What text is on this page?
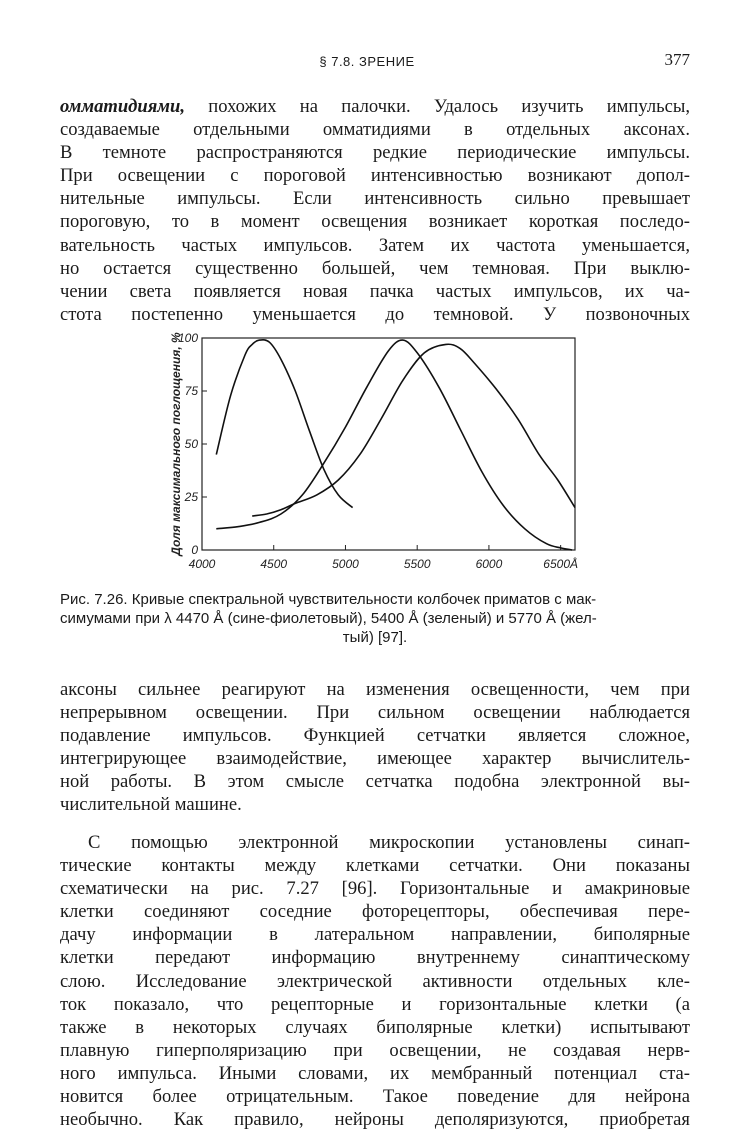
§ 7.8. ЗРЕНИЕ	377

омматидиями, похожих на палочки. Удалось изучить импульсы,
создаваемые отдельными омматидиями в отдельных аксонах.
В темноте распространяются редкие периодические импульсы.
При освещении с пороговой интенсивностью возникают допол-
нительные импульсы. Если интенсивность сильно превышает
пороговую, то в момент освещения возникает короткая последо-
вательность частых импульсов. Затем их частота уменьшается,
но остается существенно большей, чем темновая. При выклю-
чении света появляется новая пачка частых импульсов, их ча-
стота постепенно уменьшается до темновой. У позвоночных

4000	4500	5000	5500	6000	6500Å
0
25
50
75
100
Доля максимального поглощения, %
Рис. 7.26. Кривые спектральной чувствительности колбочек приматов с мак-
симумами при λ 4470 Å (сине-фиолетовый), 5400 Å (зеленый) и 5770 Å (жел-
тый) [97].

аксоны сильнее реагируют на изменения освещенности, чем при
непрерывном освещении. При сильном освещении наблюдается
подавление импульсов. Функцией сетчатки является сложное,
интегрирующее взаимодействие, имеющее характер вычислитель-
ной работы. В этом смысле сетчатка подобна электронной вы-
числительной машине.

С помощью электронной микроскопии установлены синап-
тические контакты между клетками сетчатки. Они показаны
схематически на рис. 7.27 [96]. Горизонтальные и амакриновые
клетки соединяют соседние фоторецепторы, обеспечивая пере-
дачу информации в латеральном направлении, биполярные
клетки передают информацию внутреннему синаптическому
слою. Исследование электрической активности отдельных кле-
ток показало, что рецепторные и горизонтальные клетки (а
также в некоторых случаях биполярные клетки) испытывают
плавную гиперполяризацию при освещении, не создавая нерв-
ного импульса. Иными словами, их мембранный потенциал ста-
новится более отрицательным. Такое поведение для нейрона
необычно. Как правило, нейроны деполяризуются, приобретая
